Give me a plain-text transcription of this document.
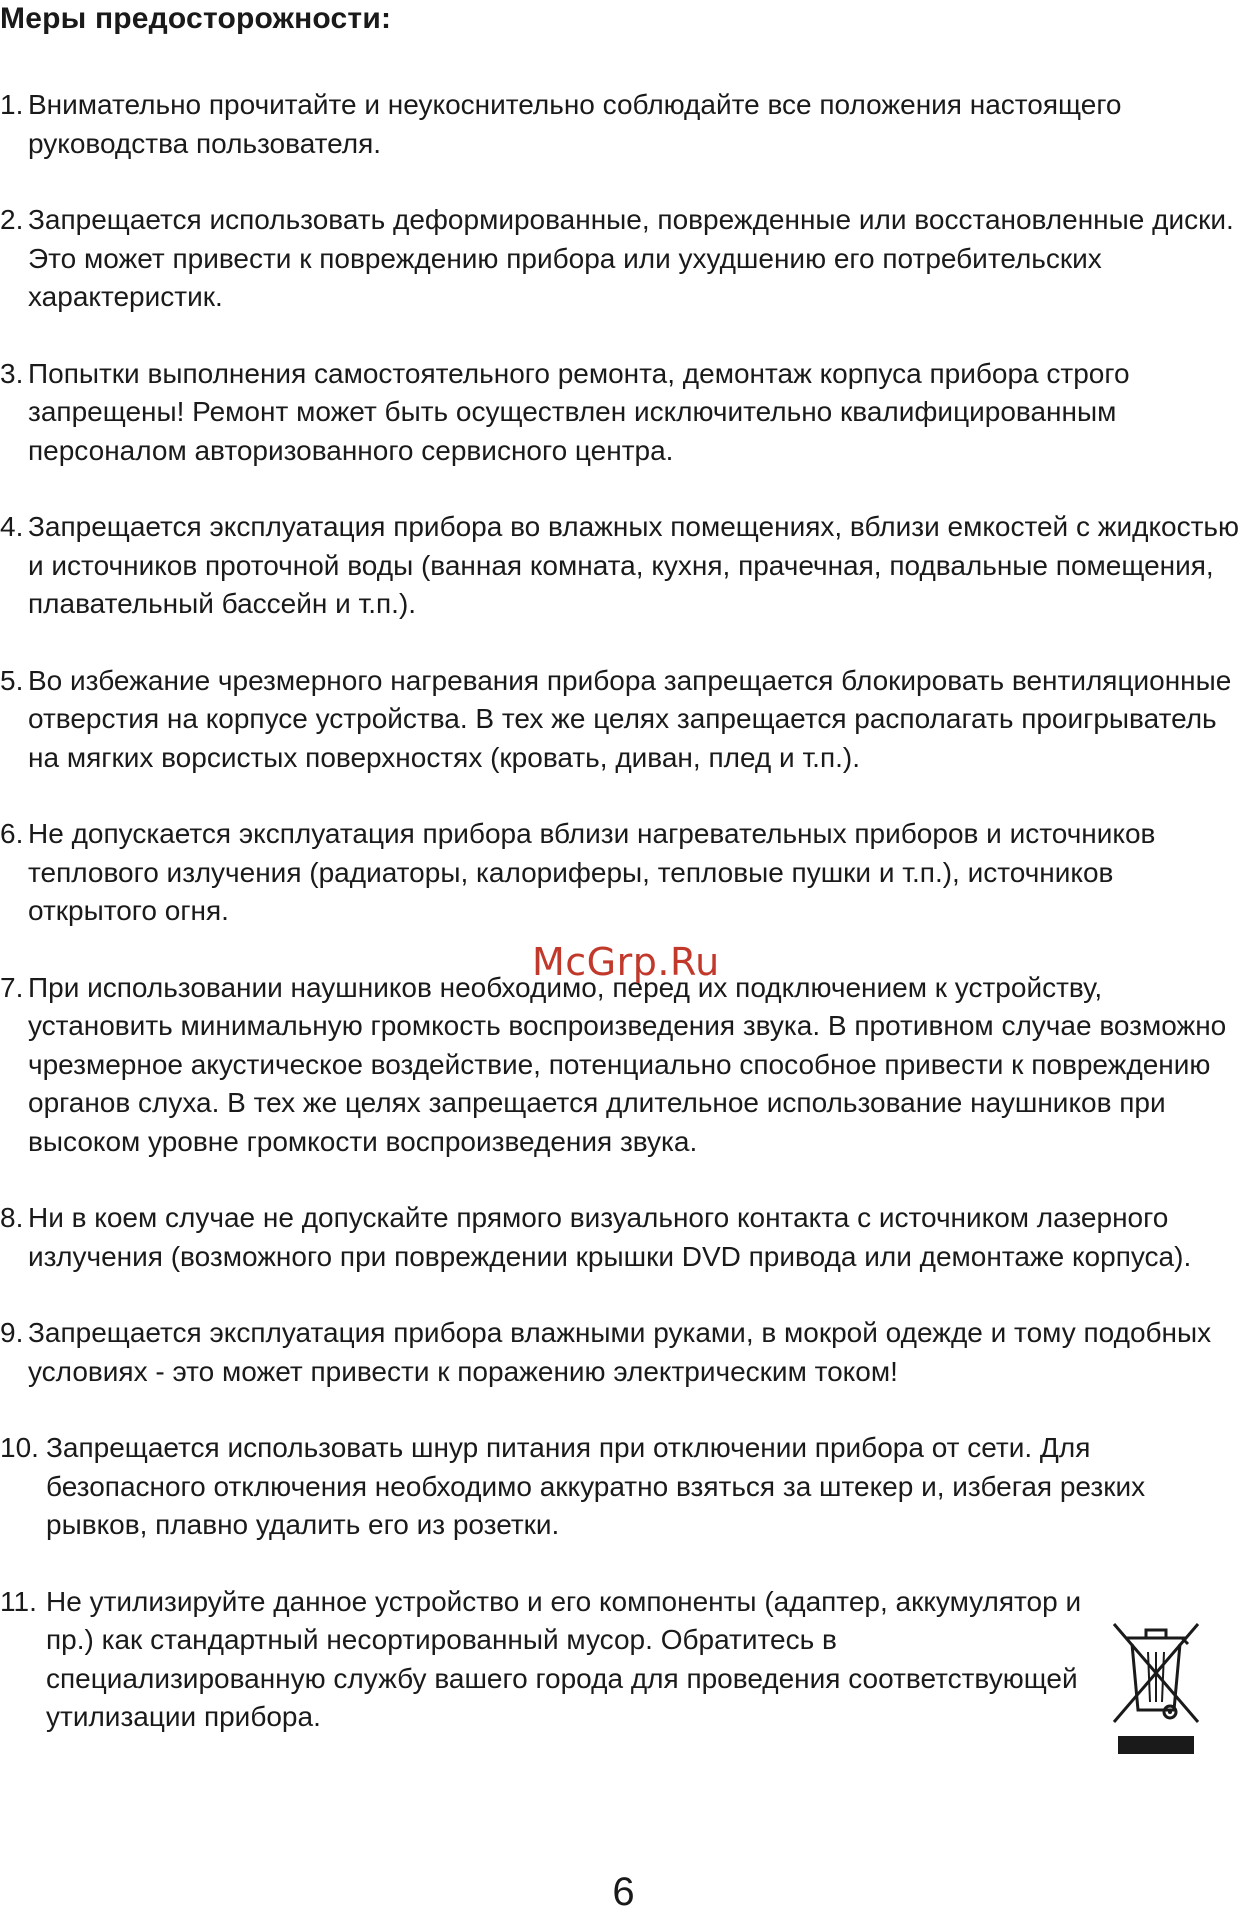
Меры предосторожности:
1. Внимательно прочитайте и неукоснительно соблюдайте все положения настоящего руководства пользователя.
2. Запрещается использовать деформированные, поврежденные или восстановленные диски. Это может привести к повреждению прибора или ухудшению его потребительских характеристик.
3. Попытки выполнения самостоятельного ремонта, демонтаж корпуса прибора строго запрещены! Ремонт может быть осуществлен исключительно квалифицированным персоналом авторизованного сервисного центра.
4. Запрещается эксплуатация прибора во влажных помещениях, вблизи емкостей с жидкостью и источников проточной воды (ванная комната, кухня, прачечная, подвальные помещения, плавательный бассейн и т.п.).
5. Во избежание чрезмерного нагревания прибора запрещается блокировать вентиляционные отверстия на корпусе устройства. В тех же целях запрещается располагать проигрыватель на мягких ворсистых поверхностях (кровать, диван, плед и т.п.).
6. Не допускается эксплуатация прибора вблизи нагревательных приборов и источников теплового излучения (радиаторы, калориферы, тепловые пушки и т.п.), источников открытого огня.
7. При использовании наушников необходимо, перед их подключением к устройству, установить минимальную громкость воспроизведения звука. В противном случае возможно чрезмерное акустическое воздействие, потенциально способное привести к повреждению органов слуха. В тех же целях запрещается длительное использование наушников при высоком уровне громкости воспроизведения звука.
8. Ни в коем случае не допускайте прямого визуального контакта с источником лазерного излучения (возможного при повреждении крышки DVD привода или демонтаже корпуса).
9. Запрещается эксплуатация прибора влажными руками, в мокрой одежде и тому подобных условиях - это может привести к поражению электрическим током!
10. Запрещается использовать шнур питания при отключении прибора от сети. Для безопасного отключения необходимо аккуратно взяться за штекер и, избегая резких рывков, плавно удалить его из розетки.
11. Не утилизируйте данное устройство и его компоненты (адаптер, аккумулятор и пр.) как стандартный несортированный мусор. Обратитесь в специализированную службу вашего города для проведения соответствующей утилизации прибора.
McGrp.Ru
6
